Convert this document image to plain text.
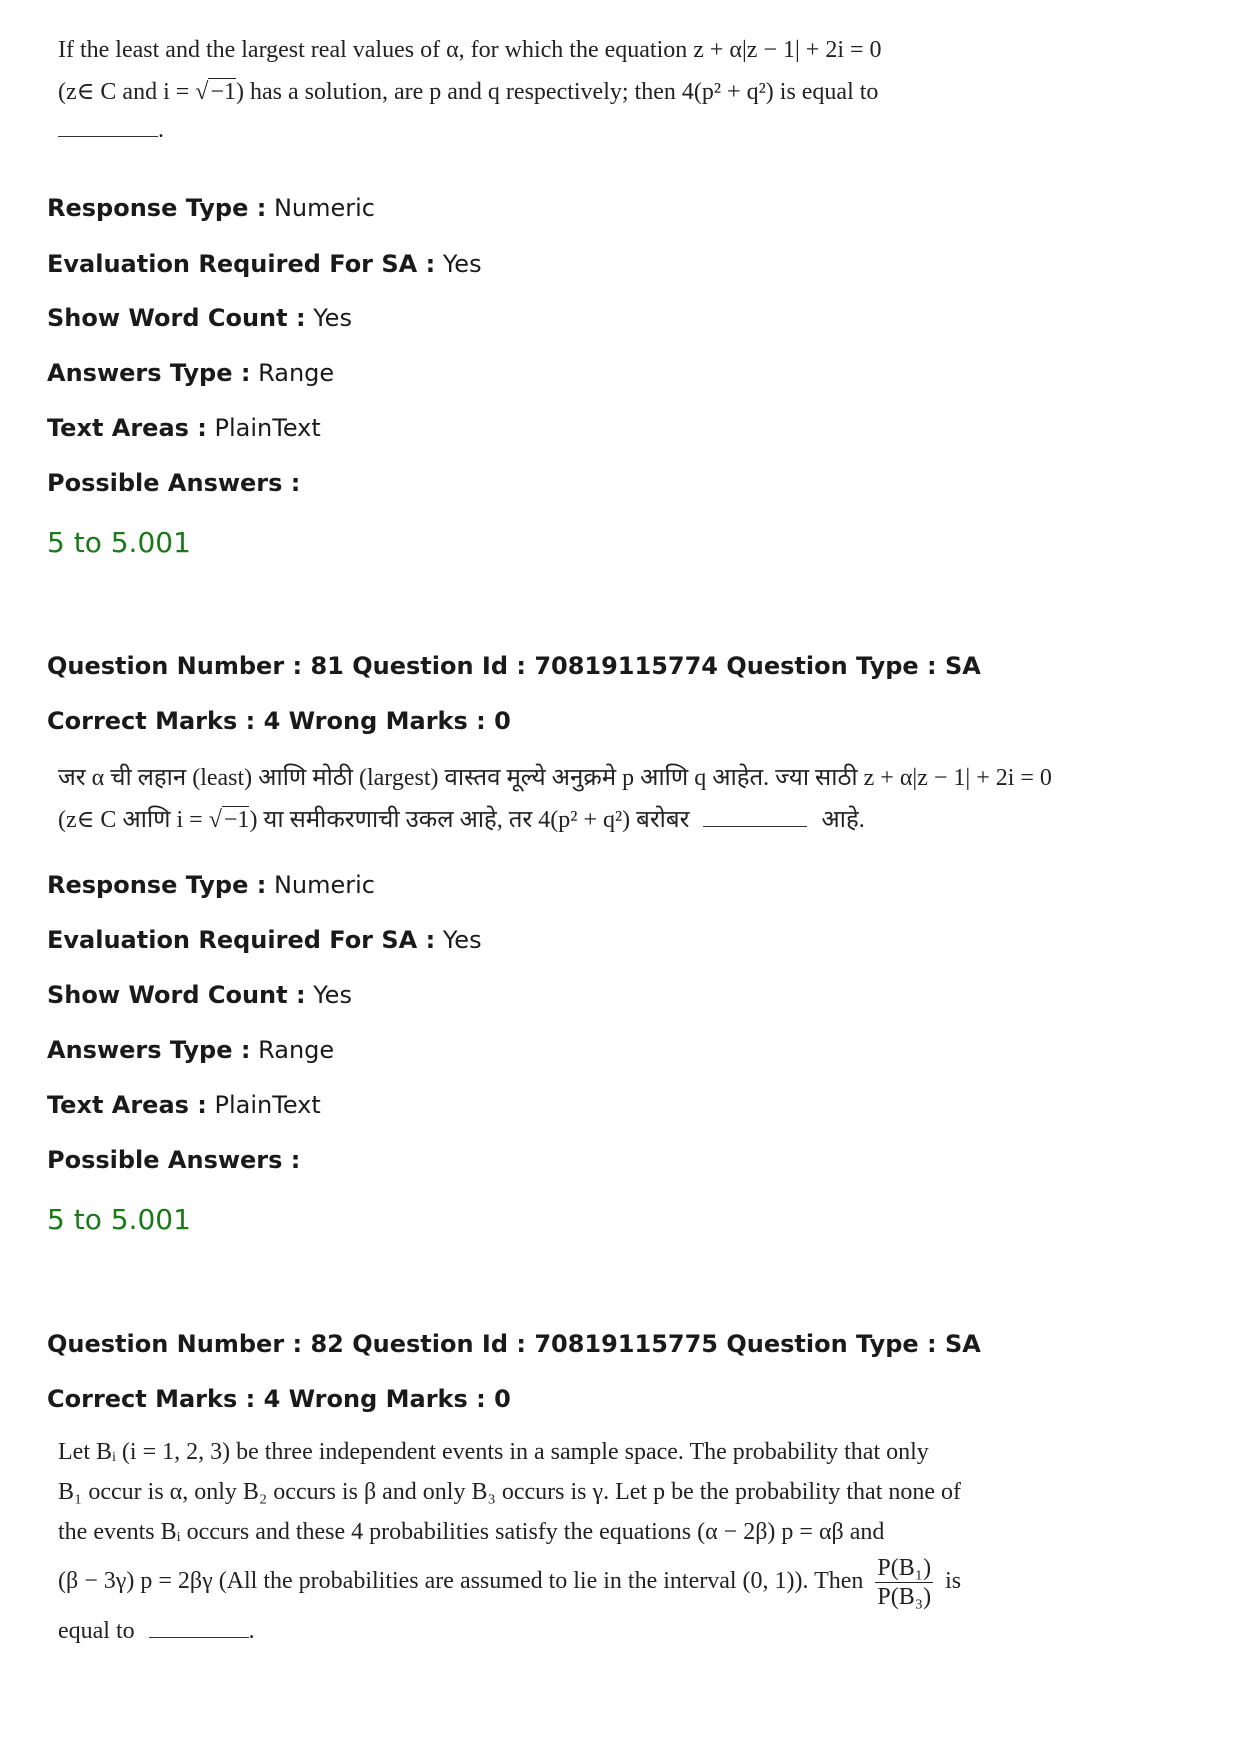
If the least and the largest real values of α, for which the equation z + α|z − 1| + 2i = 0

(z∈ C and i = √−1) has a solution, are p and q respectively; then 4(p² + q²) is equal to

.

Response Type : Numeric
Evaluation Required For SA : Yes
Show Word Count : Yes
Answers Type : Range
Text Areas : PlainText
Possible Answers :
5 to 5.001
Question Number : 81 Question Id : 70819115774 Question Type : SA
Correct Marks : 4 Wrong Marks : 0

जर α ची लहान (least) आणि मोठी (largest) वास्तव मूल्ये अनुक्रमे p आणि q आहेत. ज्या साठी z + α|z − 1| + 2i = 0

(z∈ C आणि i = √−1) या समीकरणाची उकल आहे, तर 4(p² + q²) बरोबर	आहे.

Response Type : Numeric
Evaluation Required For SA : Yes
Show Word Count : Yes
Answers Type : Range
Text Areas : PlainText
Possible Answers :
5 to 5.001
Question Number : 82 Question Id : 70819115775 Question Type : SA
Correct Marks : 4 Wrong Marks : 0

Let Bᵢ (i = 1, 2, 3) be three independent events in a sample space. The probability that only

B₁ occur is α, only B₂ occurs is β and only B₃ occurs is γ. Let p be the probability that none of

the events Bᵢ occurs and these 4 probabilities satisfy the equations (α − 2β) p = αβ and

(β − 3γ) p = 2βγ (All the probabilities are assumed to lie in the interval (0, 1)). Then $\frac{\text{P(B₁)}}{\text{P(B₃)}}$ is

equal to	.
